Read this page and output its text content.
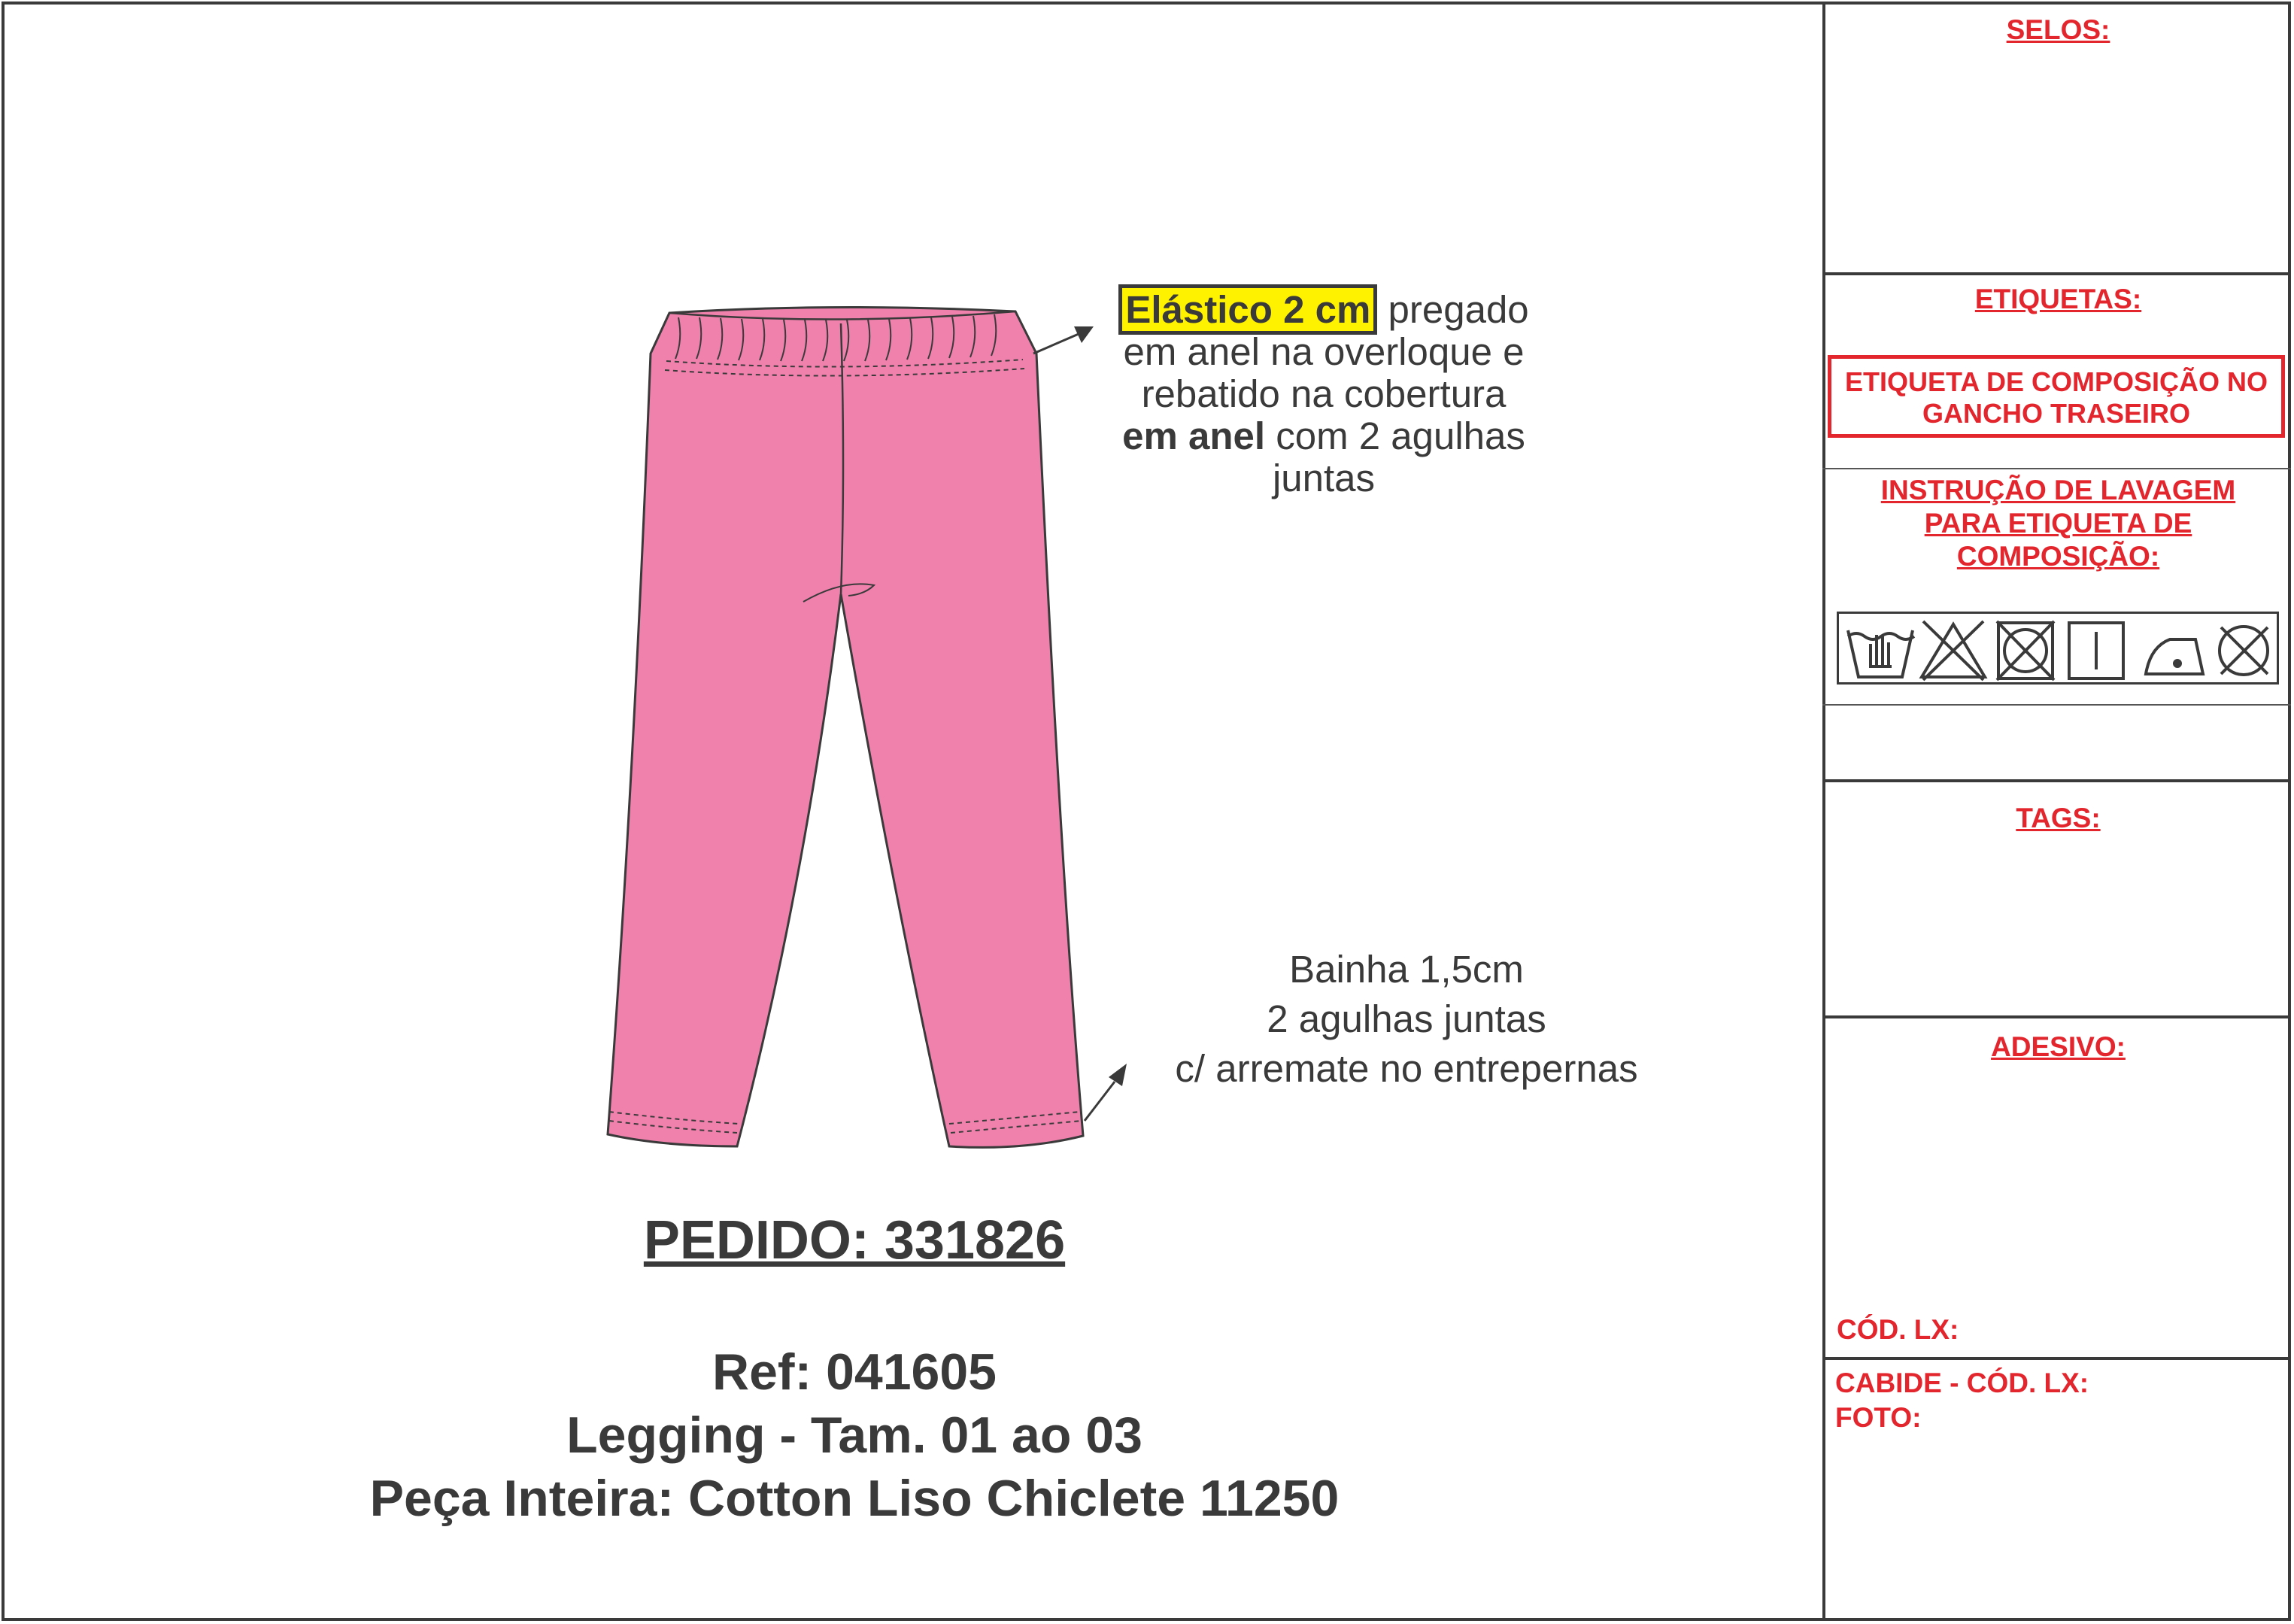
Elástico 2 cm pregado
em anel na overloque e
rebatido na cobertura
em anel com 2 agulhas
juntas
Bainha 1,5cm
2 agulhas juntas
c/ arremate no entrepernas
PEDIDO: 331826
Ref: 041605
Legging - Tam. 01 ao 03
Peça Inteira: Cotton Liso Chiclete 11250
SELOS:
ETIQUETAS:
ETIQUETA DE COMPOSIÇÃO NO
GANCHO TRASEIRO
INSTRUÇÃO DE LAVAGEM
PARA ETIQUETA DE
COMPOSIÇÃO:
TAGS:
ADESIVO:
CÓD. LX:
CABIDE - CÓD. LX:
FOTO:
